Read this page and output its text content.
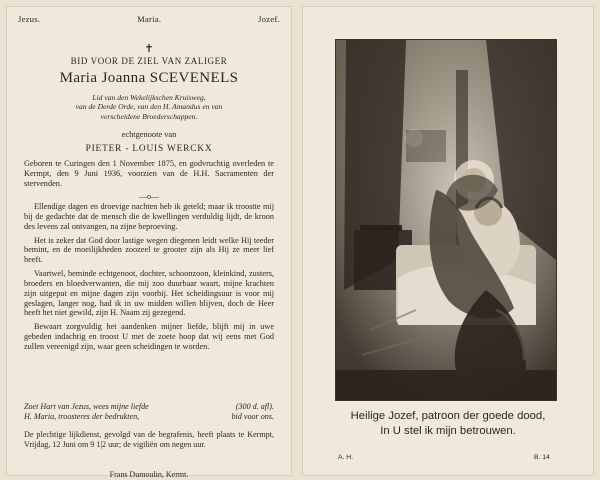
Jezus.	Maria.	Jozef.
✝
BID VOOR DE ZIEL VAN ZALIGER
Maria Joanna SCEVENELS
Lid van den Wekelijkschen Kruisweg,
van de Derde Orde, van den H. Amandus en van
verscheidene Broederschappen.
echtgenoote van
PIETER - LOUIS WERCKX
Geboren te Curingen den 1 November 1875, en godvruchtig overleden te Kermpt, den 9 Juni 1936, voorzien van de H.H. Sacramenten der stervenden.
—o—

Ellendige dagen en droevige nachten heb ik geteld; maar ik troostte mij bij de gedachte dat de mensch die de kwellingen verduldig lijdt, de kroon des levens zal ontvangen, na zijne beproeving.

Het is zeker dat God door lastige wegen diegenen leidt welke Hij teeder bemint, en de moeilijkheden zoozeel te grooter zijn als Hij ze meer lief heeft.

Vaartwel, beminde echtgenoot, dochter, schoonzoon, kleinkind, zusters, broeders en bloedverwanten, die mij zoo duurbaar waart, mijne krachten zijn uitgeput en mijne dagen zijn voorbij. Het scheidingsuur is voor mij geslagen, langer nog, had ik in uw midden willen blijven, doch de Heer heeft het niet gewild, zijn H. Naam zij gezegend.

Bewaart zorgvuldig het aandenken mijner liefde, blijft mij in uwe gebeden indachtig en troost U met de zoete hoop dat wij eens met God zullen vereenigd zijn, waar geen scheidingen te worden.

Zoet Hart van Jezus, wees mijne liefde	(300 d. afl).
H. Maria, troosteres der bedrukten,	bid voor ons.
De plechtige lijkdienst, gevolgd van de begrafenis, heeft plaats te Kermpt, Vrijdag, 12 Juni om 9 1|2 uur; de vigiliën om negen uur.
Frans Dumoulin, Kermt.
Heilige Jozef, patroon der goede dood,
In U stel ik mijn betrouwen.
A. H.	B. 14
